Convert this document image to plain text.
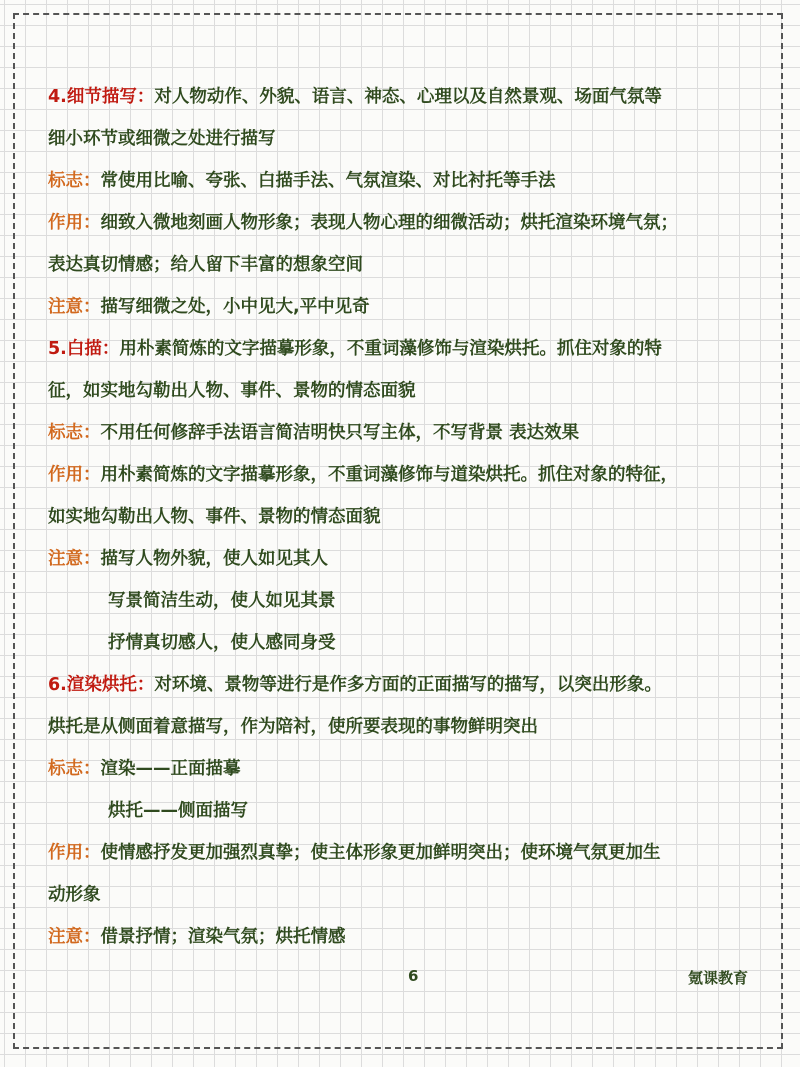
4.细节描写：对人物动作、外貌、语言、神态、心理以及自然景观、场面气氛等
细小环节或细微之处进行描写
标志：常使用比喻、夸张、白描手法、气氛渲染、对比衬托等手法
作用：细致入微地刻画人物形象；表现人物心理的细微活动；烘托渲染环境气氛；
表达真切情感；给人留下丰富的想象空间
注意：描写细微之处，小中见大,平中见奇
5.白描：用朴素简炼的文字描摹形象，不重词藻修饰与渲染烘托。抓住对象的特
征，如实地勾勒出人物、事件、景物的情态面貌
标志：不用任何修辞手法语言简洁明快只写主体，不写背景 表达效果
作用：用朴素简炼的文字描摹形象，不重词藻修饰与道染烘托。抓住对象的特征，
如实地勾勒出人物、事件、景物的情态面貌
注意：描写人物外貌，使人如见其人
写景简洁生动，使人如见其景
抒情真切感人，使人感同身受
6.渲染烘托：对环境、景物等进行是作多方面的正面描写的描写，以突出形象。
烘托是从侧面着意描写，作为陪衬，使所要表现的事物鲜明突出
标志：渲染——正面描摹
烘托——侧面描写
作用：使情感抒发更加强烈真挚；使主体形象更加鲜明突出；使环境气氛更加生
动形象
注意：借景抒情；渲染气氛；烘托情感
6	氪课教育
